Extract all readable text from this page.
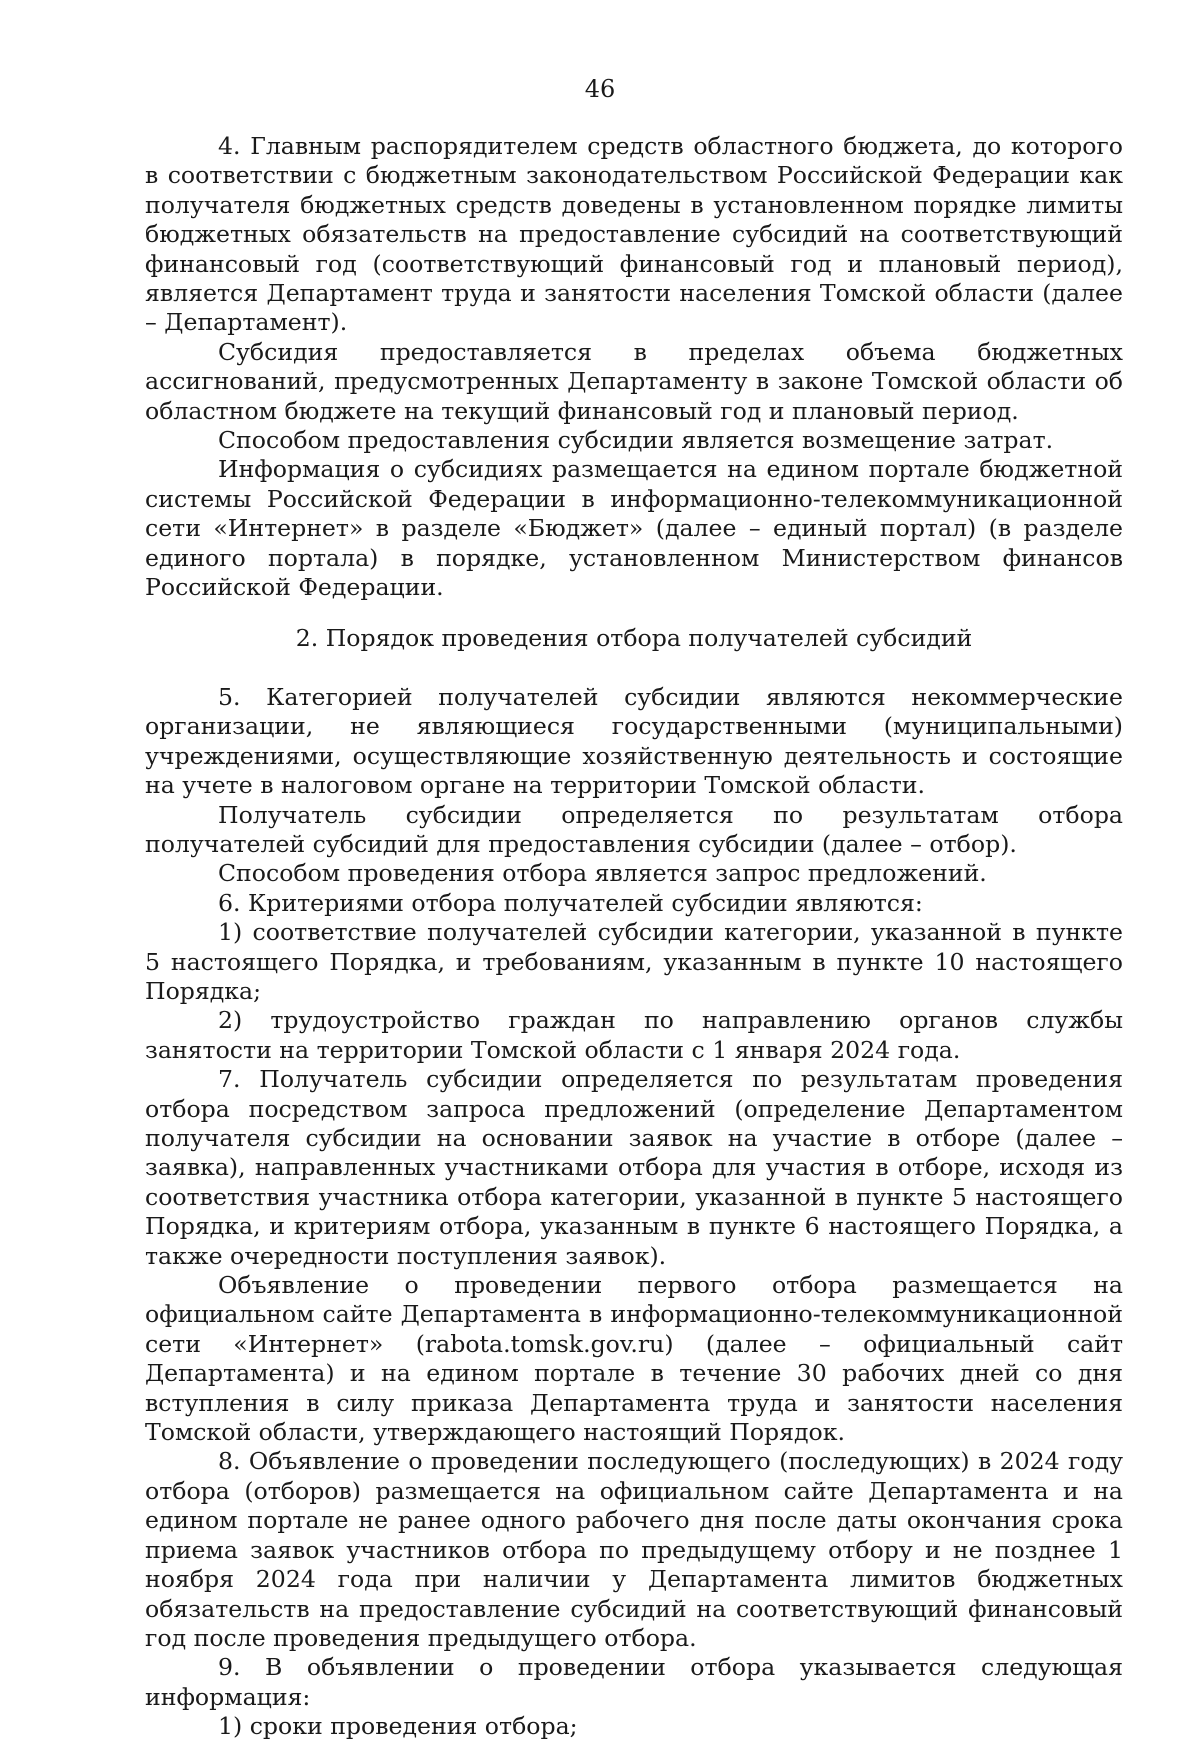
46

4. Главным распорядителем средств областного бюджета, до которого в соответствии с бюджетным законодательством Российской Федерации как получателя бюджетных средств доведены в установленном порядке лимиты бюджетных обязательств на предоставление субсидий на соответствующий финансовый год (соответствующий финансовый год и плановый период), является Департамент труда и занятости населения Томской области (далее – Департамент).

Субсидия предоставляется в пределах объема бюджетных ассигнований, предусмотренных Департаменту в законе Томской области об областном бюджете на текущий финансовый год и плановый период.

Способом предоставления субсидии является возмещение затрат.

Информация о субсидиях размещается на едином портале бюджетной системы Российской Федерации в информационно-телекоммуникационной сети «Интернет» в разделе «Бюджет» (далее – единый портал) (в разделе единого портала) в порядке, установленном Министерством финансов Российской Федерации.

2. Порядок проведения отбора получателей субсидий

5. Категорией получателей субсидии являются некоммерческие организации, не являющиеся государственными (муниципальными) учреждениями, осуществляющие хозяйственную деятельность и состоящие на учете в налоговом органе на территории Томской области.

Получатель субсидии определяется по результатам отбора получателей субсидий для предоставления субсидии (далее – отбор).

Способом проведения отбора является запрос предложений.

6. Критериями отбора получателей субсидии являются:

1) соответствие получателей субсидии категории, указанной в пункте 5 настоящего Порядка, и требованиям, указанным в пункте 10 настоящего Порядка;

2) трудоустройство граждан по направлению органов службы занятости на территории Томской области с 1 января 2024 года.

7. Получатель субсидии определяется по результатам проведения отбора посредством запроса предложений (определение Департаментом получателя субсидии на основании заявок на участие в отборе (далее – заявка), направленных участниками отбора для участия в отборе, исходя из соответствия участника отбора категории, указанной в пункте 5 настоящего Порядка, и критериям отбора, указанным в пункте 6 настоящего Порядка, а также очередности поступления заявок).

Объявление о проведении первого отбора размещается на официальном сайте Департамента в информационно-телекоммуникационной сети «Интернет» (rabota.tomsk.gov.ru) (далее – официальный сайт Департамента) и на едином портале в течение 30 рабочих дней со дня вступления в силу приказа Департамента труда и занятости населения Томской области, утверждающего настоящий Порядок.

8. Объявление о проведении последующего (последующих) в 2024 году отбора (отборов) размещается на официальном сайте Департамента и на едином портале не ранее одного рабочего дня после даты окончания срока приема заявок участников отбора по предыдущему отбору и не позднее 1 ноября 2024 года при наличии у Департамента лимитов бюджетных обязательств на предоставление субсидий на соответствующий финансовый год после проведения предыдущего отбора.

9. В объявлении о проведении отбора указывается следующая информация:

1) сроки проведения отбора;
